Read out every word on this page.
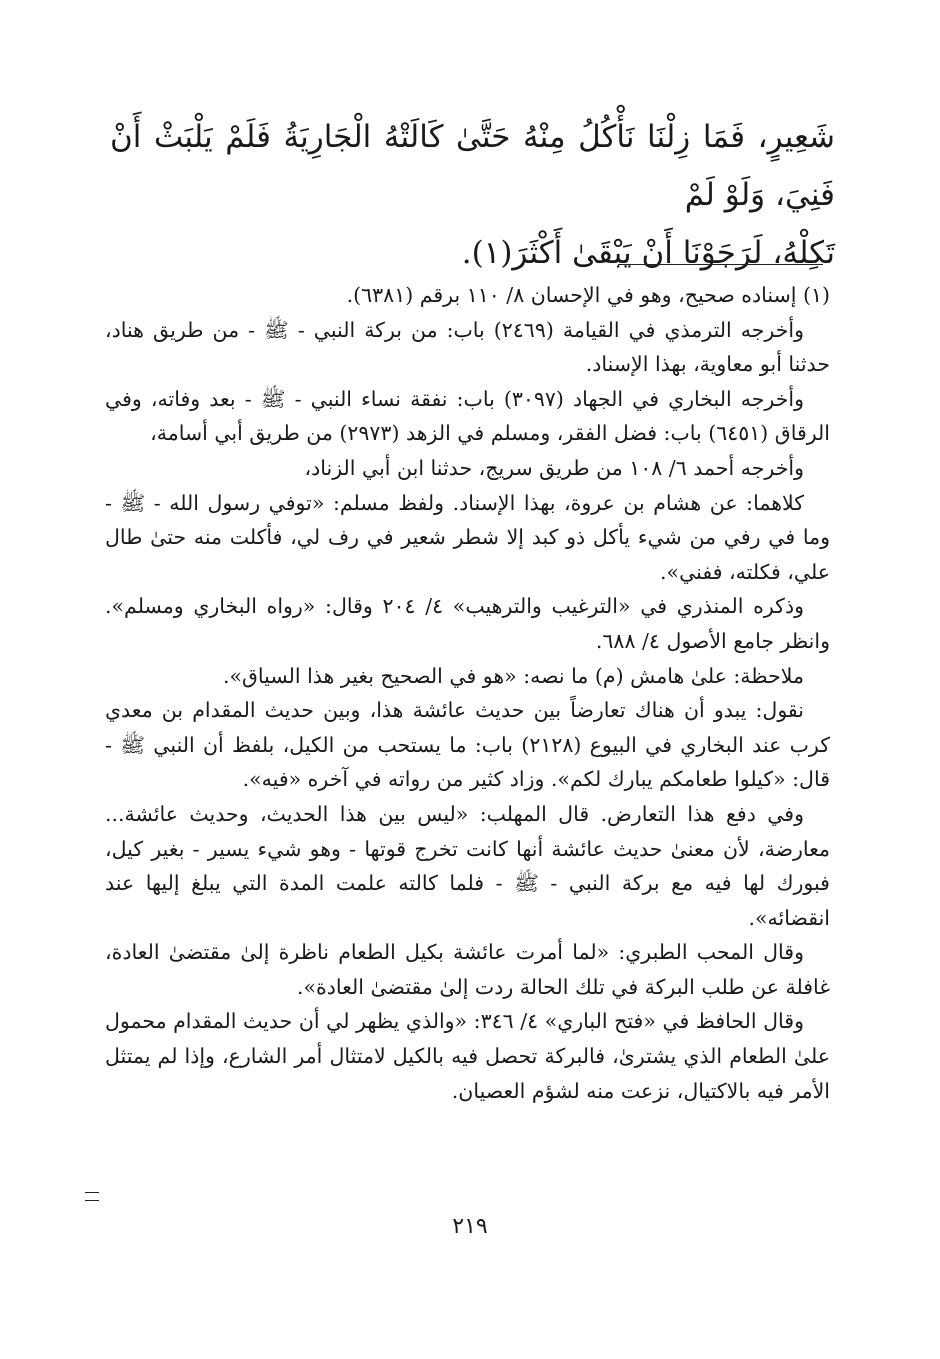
شَعِيرٍ، فَمَا زِلْنَا نَأْكُلُ مِنْهُ حَتَّىٰ كَالَتْهُ الْجَارِيَةُ فَلَمْ يَلْبَثْ أَنْ فَنِيَ، وَلَوْ لَمْ

تَكِلْهُ، لَرَجَوْنَا أَنْ يَبْقَىٰ أَكْثَرَ(١).

(١) إسناده صحيح، وهو في الإحسان ٨/ ١١٠ برقم (٦٣٨١).

وأخرجه الترمذي في القيامة (٢٤٦٩) باب: من بركة النبي - ﷺ - من طريق هناد، حدثنا أبو معاوية، بهذا الإسناد.

وأخرجه البخاري في الجهاد (٣٠٩٧) باب: نفقة نساء النبي - ﷺ - بعد وفاته، وفي الرقاق (٦٤٥١) باب: فضل الفقر، ومسلم في الزهد (٢٩٧٣) من طريق أبي أسامة،

وأخرجه أحمد ٦/ ١٠٨ من طريق سريج، حدثنا ابن أبي الزناد،

كلاهما: عن هشام بن عروة، بهذا الإسناد. ولفظ مسلم: «توفي رسول الله - ﷺ - وما في رفي من شيء يأكل ذو كبد إلا شطر شعير في رف لي، فأكلت منه حتىٰ طال علي، فكلته، ففني».

وذكره المنذري في «الترغيب والترهيب» ٤/ ٢٠٤ وقال: «رواه البخاري ومسلم». وانظر جامع الأصول ٤/ ٦٨٨.

ملاحظة: علىٰ هامش (م) ما نصه: «هو في الصحيح بغير هذا السياق».

نقول: يبدو أن هناك تعارضاً بين حديث عائشة هذا، وبين حديث المقدام بن معدي كرب عند البخاري في البيوع (٢١٢٨) باب: ما يستحب من الكيل، بلفظ أن النبي ﷺ - قال: «كيلوا طعامكم يبارك لكم». وزاد كثير من رواته في آخره «فيه».

وفي دفع هذا التعارض. قال المهلب: «ليس بين هذا الحديث، وحديث عائشة... معارضة، لأن معنىٰ حديث عائشة أنها كانت تخرج قوتها - وهو شيء يسير - بغير كيل، فبورك لها فيه مع بركة النبي - ﷺ - فلما كالته علمت المدة التي يبلغ إليها عند انقضائه».

وقال المحب الطبري: «لما أمرت عائشة بكيل الطعام ناظرة إلىٰ مقتضىٰ العادة، غافلة عن طلب البركة في تلك الحالة ردت إلىٰ مقتضىٰ العادة».

وقال الحافظ في «فتح الباري» ٤/ ٣٤٦: «والذي يظهر لي أن حديث المقدام محمول علىٰ الطعام الذي يشترىٰ، فالبركة تحصل فيه بالكيل لامتثال أمر الشارع، وإذا لم يمتثل الأمر فيه بالاكتيال، نزعت منه لشؤم العصيان.

٢١٩
